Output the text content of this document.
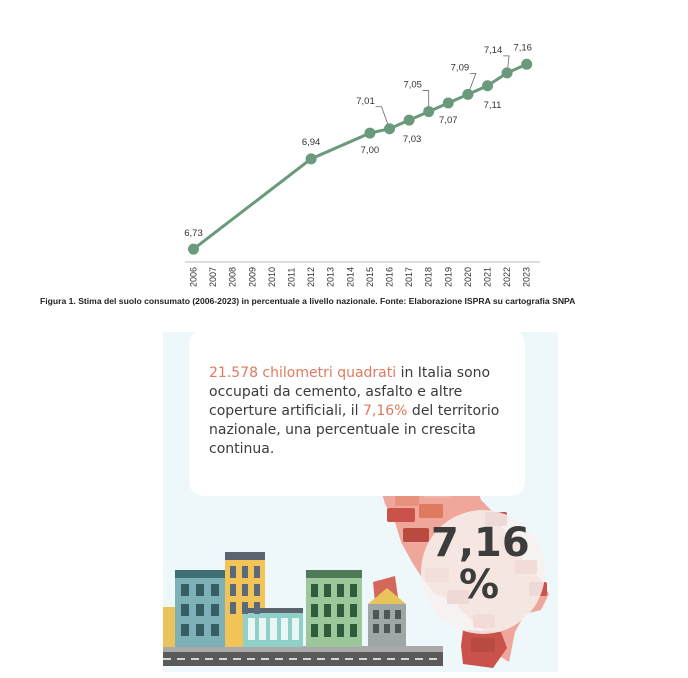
2006 2007 2008 2009 2010 2011 2012 2013 2014 2015 2016 2017 2018 2019 2020 2021 2022 2023
6,73
6,94
7,00
7,01
7,03
7,05
7,07
7,09
7,11
7,14 7,16
Figura 1. Stima del suolo consumato (2006-2023) in percentuale a livello nazionale. Fonte: Elaborazione ISPRA su cartografia SNPA
21.578 chilometri quadrati in Italia sono occupati da cemento, asfalto e altre coperture artificiali, il 7,16% del territorio nazionale, una percentuale in crescita continua.
7,16
%
